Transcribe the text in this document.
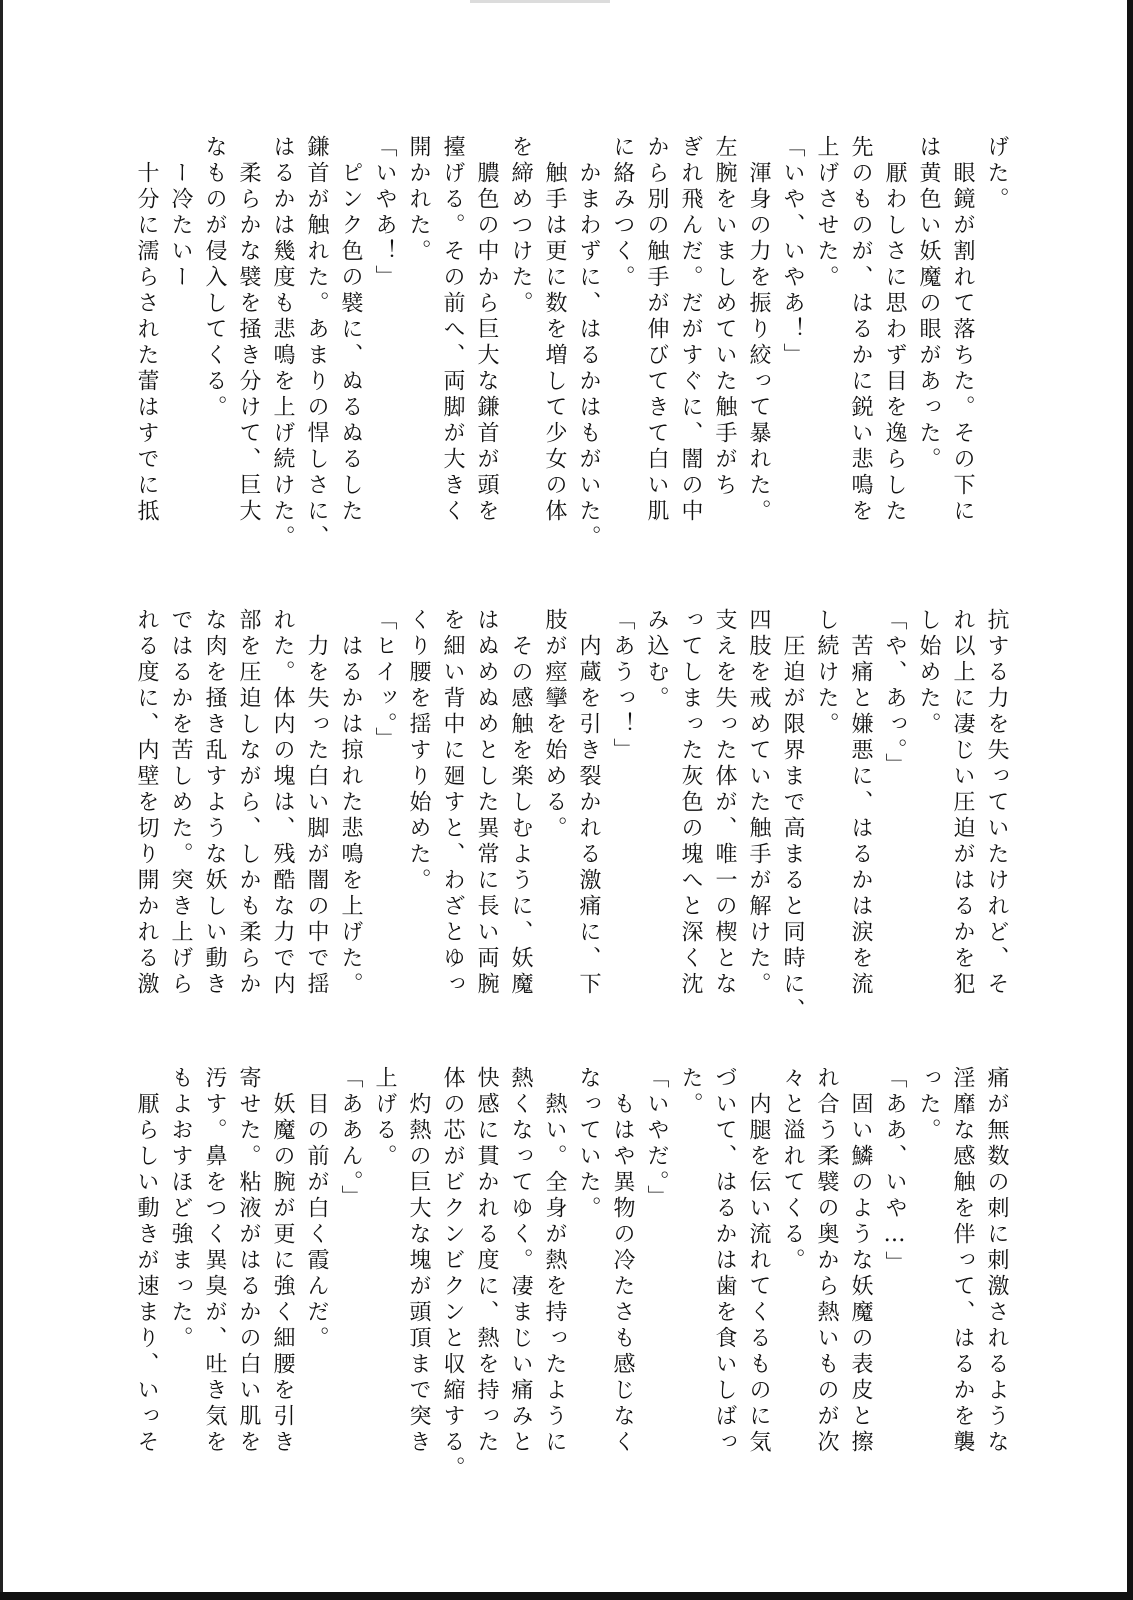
げた。
　眼鏡が割れて落ちた。その下に
は黄色い妖魔の眼があった。
　厭わしさに思わず目を逸らした
先のものが、はるかに鋭い悲鳴を
上げさせた。
「いや、いやあ！」
　渾身の力を振り絞って暴れた。
左腕をいましめていた触手がち
ぎれ飛んだ。だがすぐに、闇の中
から別の触手が伸びてきて白い肌
に絡みつく。
　かまわずに、はるかはもがいた。
　触手は更に数を増して少女の体
を締めつけた。
　膿色の中から巨大な鎌首が頭を
擡げる。その前へ、両脚が大きく
開かれた。
「いやあ！」
　ピンク色の襞に、ぬるぬるした
鎌首が触れた。あまりの悍しさに、
はるかは幾度も悲鳴を上げ続けた。
　柔らかな襞を掻き分けて、巨大
なものが侵入してくる。
　ー冷たいー
　十分に濡らされた蕾はすでに抵
抗する力を失っていたけれど、そ
れ以上に凄じい圧迫がはるかを犯
し始めた。
「や、あっ。」
　苦痛と嫌悪に、はるかは涙を流
し続けた。
　圧迫が限界まで高まると同時に、
四肢を戒めていた触手が解けた。
支えを失った体が、唯一の楔とな
ってしまった灰色の塊へと深く沈
み込む。
「あうっ！」
　内蔵を引き裂かれる激痛に、下
肢が痙攣を始める。
　その感触を楽しむように、妖魔
はぬめぬめとした異常に長い両腕
を細い背中に廻すと、わざとゆっ
くり腰を揺すり始めた。
「ヒイッ。」
　はるかは掠れた悲鳴を上げた。
　力を失った白い脚が闇の中で揺
れた。体内の塊は、残酷な力で内
部を圧迫しながら、しかも柔らか
な肉を掻き乱すような妖しい動き
ではるかを苦しめた。突き上げら
れる度に、内壁を切り開かれる激
痛が無数の刺に刺激されるような
淫靡な感触を伴って、はるかを襲
った。
「ああ、いや…」
　固い鱗のような妖魔の表皮と擦
れ合う柔襞の奥から熱いものが次
々と溢れてくる。
　内腿を伝い流れてくるものに気
づいて、はるかは歯を食いしばっ
た。
「いやだ。」
　もはや異物の冷たさも感じなく
なっていた。
　熱い。全身が熱を持ったように
熱くなってゆく。凄まじい痛みと
快感に貫かれる度に、熱を持った
体の芯がビクンビクンと収縮する。
　灼熱の巨大な塊が頭頂まで突き
上げる。
「ああん。」
　目の前が白く霞んだ。
　妖魔の腕が更に強く細腰を引き
寄せた。粘液がはるかの白い肌を
汚す。鼻をつく異臭が、吐き気を
もよおすほど強まった。
　厭らしい動きが速まり、いっそ
